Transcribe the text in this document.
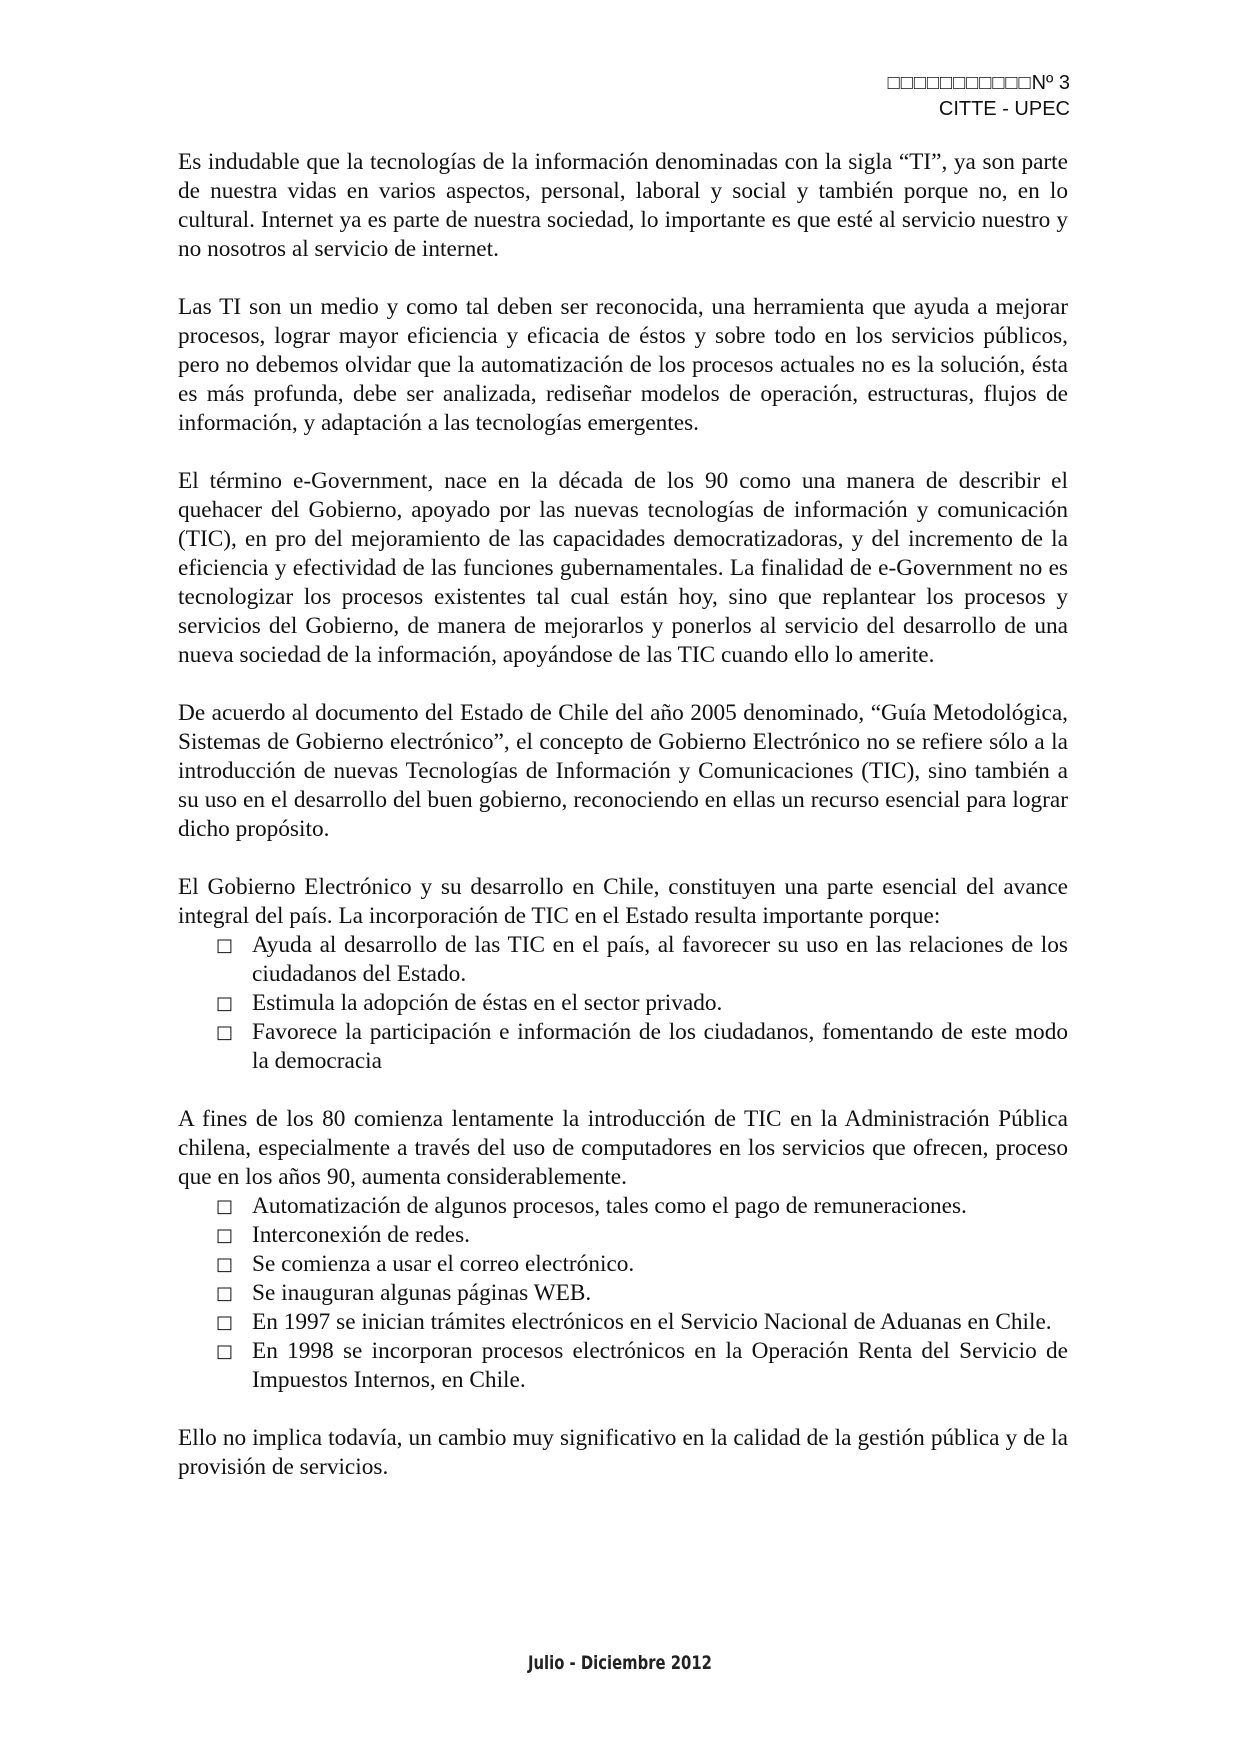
□□□□□□□□□□□Nº 3
CITTE - UPEC

Es indudable que la tecnologías de la información denominadas con la sigla “TI”, ya son parte de nuestra vidas en varios aspectos, personal, laboral y social y también porque no, en lo cultural. Internet ya es parte de nuestra sociedad, lo importante es que esté al servicio nuestro y no nosotros al servicio de internet.

Las TI son un medio y como tal deben ser reconocida, una herramienta que ayuda a mejorar procesos, lograr mayor eficiencia y eficacia de éstos y sobre todo en los servicios públicos, pero no debemos olvidar que la automatización de los procesos actuales no es la solución, ésta es más profunda, debe ser analizada, rediseñar modelos de operación, estructuras, flujos de información, y adaptación a las tecnologías emergentes.

El término e-Government, nace en la década de los 90 como una manera de describir el quehacer del Gobierno, apoyado por las nuevas tecnologías de información y comunicación (TIC), en pro del mejoramiento de las capacidades democratizadoras, y del incremento de la eficiencia y efectividad de las funciones gubernamentales. La finalidad de e-Government no es tecnologizar los procesos existentes tal cual están hoy, sino que replantear los procesos y servicios del Gobierno, de manera de mejorarlos y ponerlos al servicio del desarrollo de una nueva sociedad de la información, apoyándose de las TIC cuando ello lo amerite.

De acuerdo al documento del Estado de Chile del año 2005 denominado, “Guía Metodológica, Sistemas de Gobierno electrónico”, el concepto de Gobierno Electrónico no se refiere sólo a la introducción de nuevas Tecnologías de Información y Comunicaciones (TIC), sino también a su uso en el desarrollo del buen gobierno, reconociendo en ellas un recurso esencial para lograr dicho propósito.

El Gobierno Electrónico y su desarrollo en Chile, constituyen una parte esencial del avance integral del país. La incorporación de TIC en el Estado resulta importante porque:

□ Ayuda al desarrollo de las TIC en el país, al favorecer su uso en las relaciones de los ciudadanos del Estado.
□ Estimula la adopción de éstas en el sector privado.
□ Favorece la participación e información de los ciudadanos, fomentando de este modo la democracia

A fines de los 80 comienza lentamente la introducción de TIC en la Administración Pública chilena, especialmente a través del uso de computadores en los servicios que ofrecen, proceso que en los años 90, aumenta considerablemente.

□ Automatización de algunos procesos, tales como el pago de remuneraciones.
□ Interconexión de redes.
□ Se comienza a usar el correo electrónico.
□ Se inauguran algunas páginas WEB.
□ En 1997 se inician trámites electrónicos en el Servicio Nacional de Aduanas en Chile.
□ En 1998 se incorporan procesos electrónicos en la Operación Renta del Servicio de Impuestos Internos, en Chile.

Ello no implica todavía, un cambio muy significativo en la calidad de la gestión pública y de la provisión de servicios.

Julio - Diciembre 2012
